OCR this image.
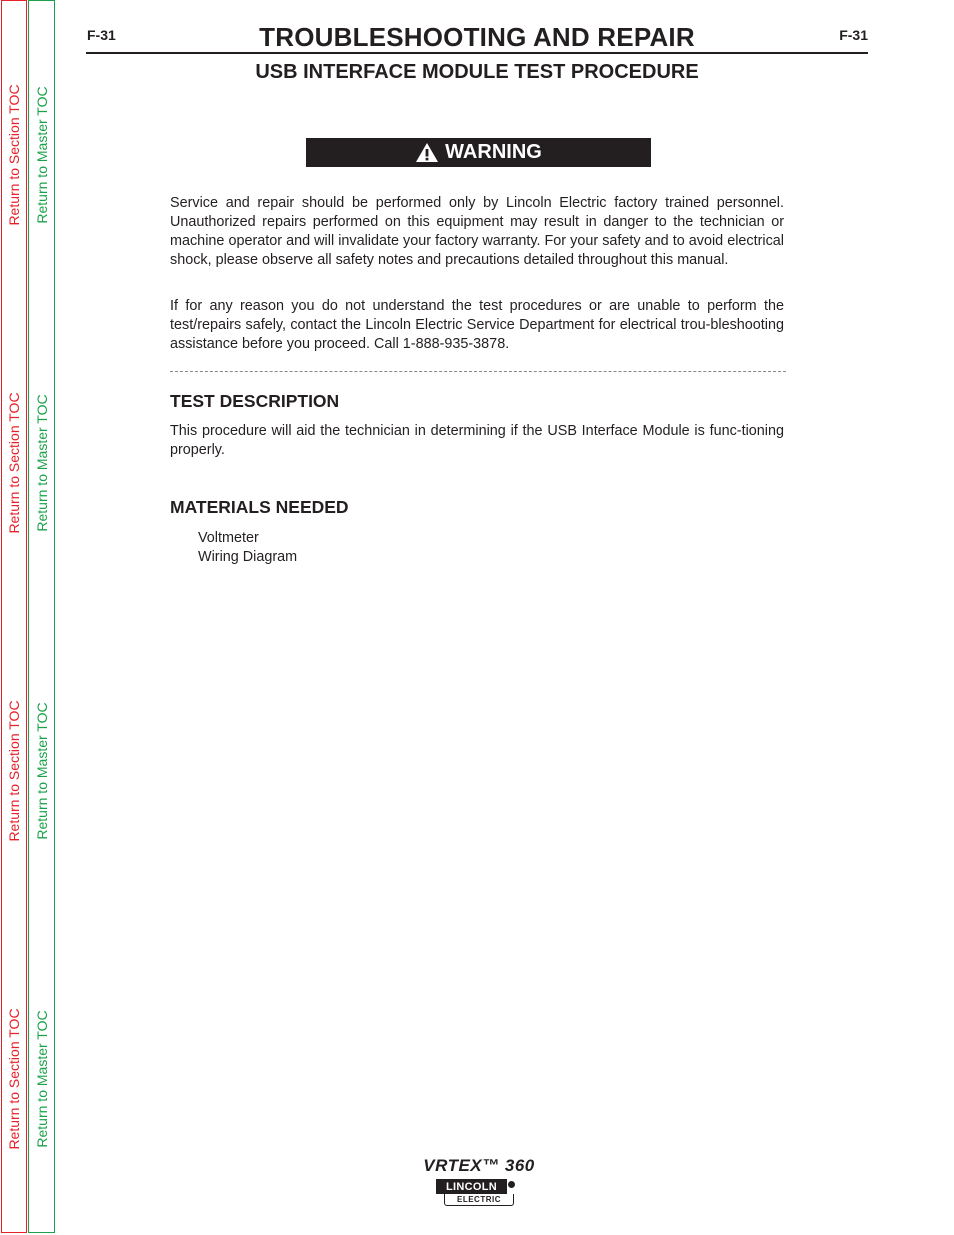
Return to Section TOC
Return to Section TOC
Return to Section TOC
Return to Section TOC
Return to Master TOC
Return to Master TOC
Return to Master TOC
Return to Master TOC
F-31	F-31
TROUBLESHOOTING AND REPAIR
USB INTERFACE MODULE TEST PROCEDURE
WARNING

Service and repair should be performed only by Lincoln Electric factory trained personnel. Unauthorized repairs performed on this equipment may result in danger to the technician or machine operator and will invalidate your factory warranty. For your safety and to avoid electrical shock, please observe all safety notes and precautions detailed throughout this manual.

If for any reason you do not understand the test procedures or are unable to perform the test/repairs safely, contact the Lincoln Electric Service Department for electrical trou-bleshooting assistance before you proceed. Call 1-888-935-3878.

TEST DESCRIPTION

This procedure will aid the technician in determining if the USB Interface Module is func-tioning properly.

MATERIALS NEEDED
Voltmeter
Wiring Diagram
VRTEX™ 360
LINCOLN
ELECTRIC
